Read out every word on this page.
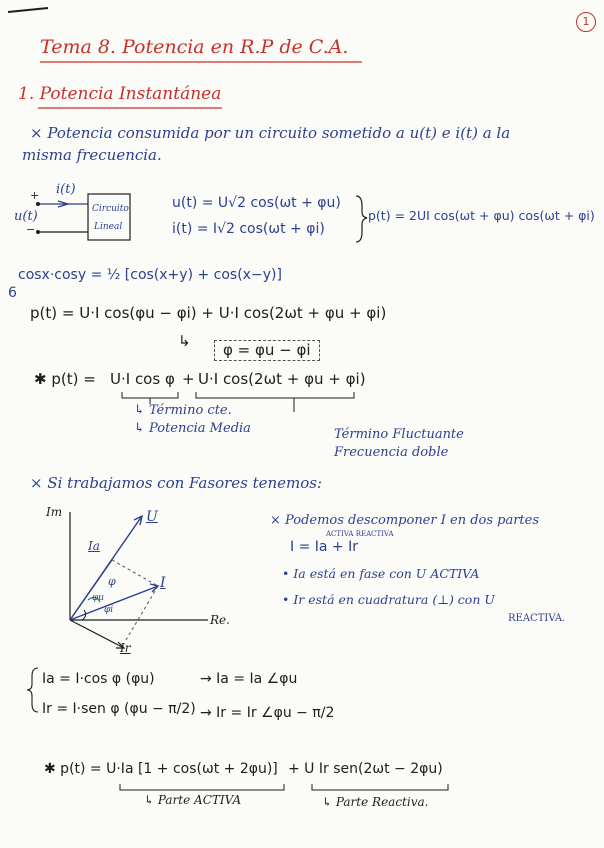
1
Tema 8. Potencia en R.P de C.A.
1. Potencia Instantánea
× Potencia consumida por un circuito sometido a u(t) e i(t) a la
misma frecuencia.
i(t)
+
u(t)
−
Circuito
Lineal
u(t) = U√2 cos(ωt + φu)
i(t) = I√2 cos(ωt + φi)
p(t) = 2UI cos(ωt + φu) cos(ωt + φi)
cosx·cosy = ½ [cos(x+y) + cos(x−y)]
6
p(t) = U·I cos(φu − φi) + U·I cos(2ωt + φu + φi)
↳	φ = φu − φi
✱ p(t) = U·I cos φ + U·I cos(2ωt + φu + φi)
↳ Término cte.
↳ Potencia Media	Término Fluctuante
Frecuencia doble
× Si trabajamos con Fasores tenemos:
Im
Re.
U
I
Ia
Ir
φ
φu
φi
× Podemos descomponer I en dos partes
ACTIVA REACTIVA
I = Ia + Ir
• Ia está en fase con U ACTIVA
• Ir está en cuadratura (⊥) con U
REACTIVA.
Ia = I·cos φ (φu)	→ Ia = Ia ∠φu
Ir = I·sen φ (φu − π/2) → Ir = Ir ∠φu − π/2
✱ p(t) = U·Ia [1 + cos(ωt + 2φu)] + U Ir sen(2ωt − 2φu)
↳ Parte ACTIVA	↳ Parte Reactiva.
